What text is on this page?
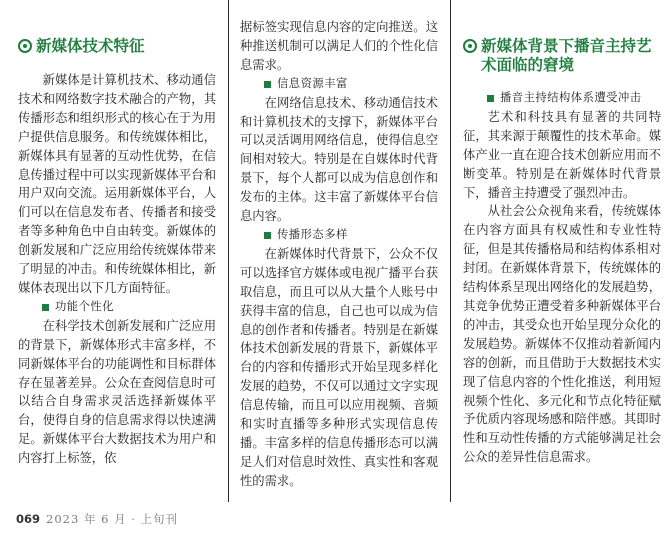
新媒体技术特征

新媒体是计算机技术、移动通信技术和网络数字技术融合的产物，其传播形态和组织形式的核心在于为用户提供信息服务。和传统媒体相比，新媒体具有显著的互动性优势，在信息传播过程中可以实现新媒体平台和用户双向交流。运用新媒体平台，人们可以在信息发布者、传播者和接受者等多种角色中自由转变。新媒体的创新发展和广泛应用给传统媒体带来了明显的冲击。和传统媒体相比，新媒体表现出以下几方面特征。

功能个性化

在科学技术创新发展和广泛应用的背景下，新媒体形式丰富多样，不同新媒体平台的功能调性和目标群体存在显著差异。公众在查阅信息时可以结合自身需求灵活选择新媒体平台，使得自身的信息需求得以快速满足。新媒体平台大数据技术为用户和内容打上标签，依

据标签实现信息内容的定向推送。这种推送机制可以满足人们的个性化信息需求。

信息资源丰富

在网络信息技术、移动通信技术和计算机技术的支撑下，新媒体平台可以灵活调用网络信息，使得信息空间相对较大。特别是在自媒体时代背景下，每个人都可以成为信息创作和发布的主体。这丰富了新媒体平台信息内容。

传播形态多样

在新媒体时代背景下，公众不仅可以选择官方媒体或电视广播平台获取信息，而且可以从大量个人账号中获得丰富的信息，自己也可以成为信息的创作者和传播者。特别是在新媒体技术创新发展的背景下，新媒体平台的内容和传播形式开始呈现多样化发展的趋势，不仅可以通过文字实现信息传输，而且可以应用视频、音频和实时直播等多种形式实现信息传播。丰富多样的信息传播形态可以满足人们对信息时效性、真实性和客观性的需求。

新媒体背景下播音主持艺术面临的窘境
播音主持结构体系遭受冲击

艺术和科技具有显著的共同特征，其来源于颠覆性的技术革命。媒体产业一直在迎合技术创新应用而不断变革。特别是在新媒体时代背景下，播音主持遭受了强烈冲击。

从社会公众视角来看，传统媒体在内容方面具有权威性和专业性特征，但是其传播格局和结构体系相对封闭。在新媒体背景下，传统媒体的结构体系呈现出网络化的发展趋势，其竞争优势正遭受着多种新媒体平台的冲击，其受众也开始呈现分众化的发展趋势。新媒体不仅推动着新闻内容的创新，而且借助于大数据技术实现了信息内容的个性化推送，利用短视频个性化、多元化和节点化特征赋予优质内容现场感和陪伴感。其即时性和互动性传播的方式能够满足社会公众的差异性信息需求。

069 2023 年 6 月 · 上旬刊
